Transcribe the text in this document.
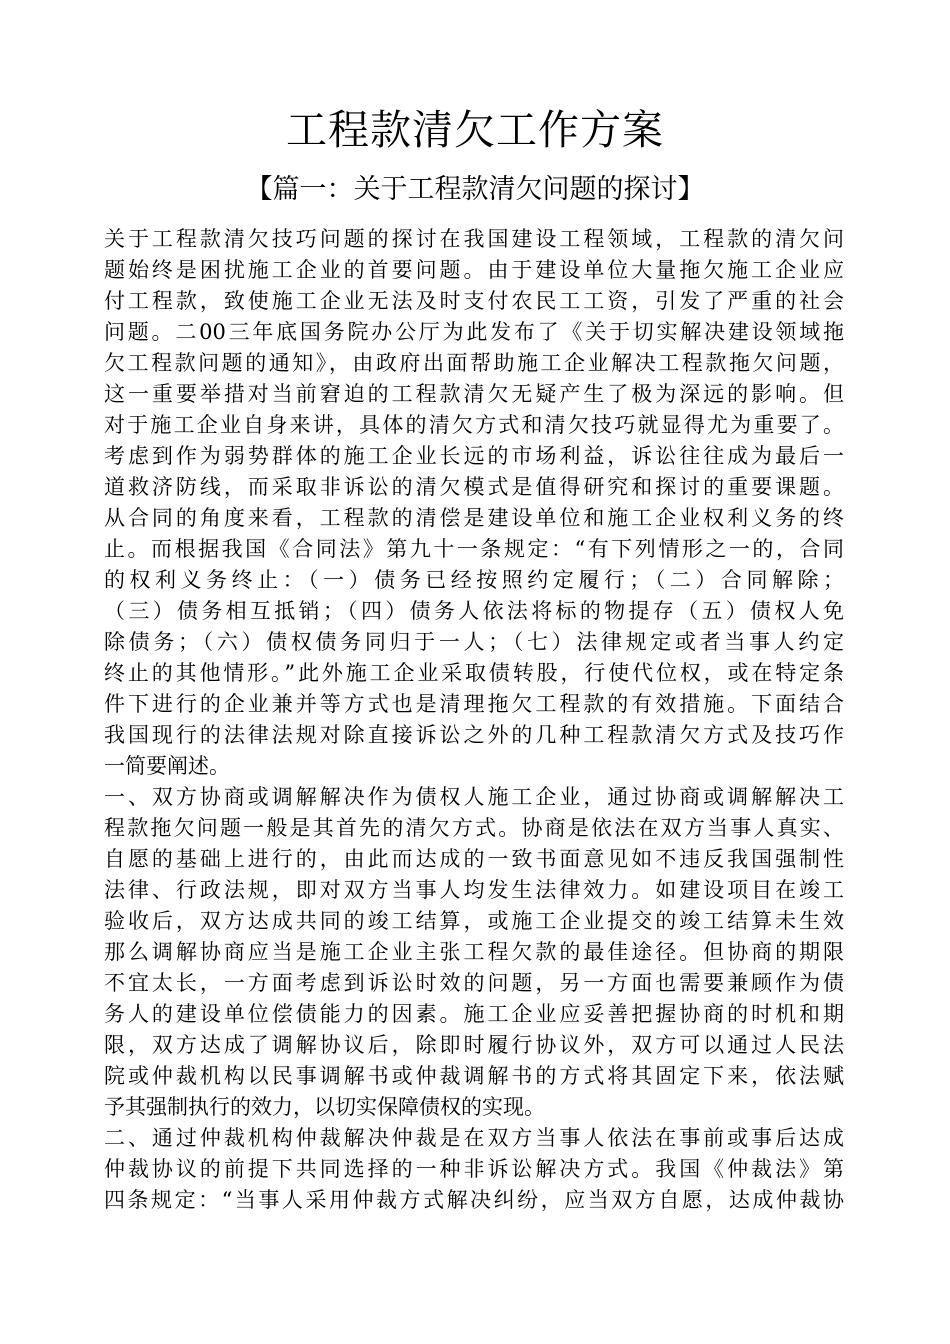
工程款清欠工作方案
【篇一：关于工程款清欠问题的探讨】
关于工程款清欠技巧问题的探讨在我国建设工程领域，工程款的清欠问
题始终是困扰施工企业的首要问题。由于建设单位大量拖欠施工企业应
付工程款，致使施工企业无法及时支付农民工工资，引发了严重的社会
问题。二00三年底国务院办公厅为此发布了《关于切实解决建设领域拖
欠工程款问题的通知》，由政府出面帮助施工企业解决工程款拖欠问题，
这一重要举措对当前窘迫的工程款清欠无疑产生了极为深远的影响。但
对于施工企业自身来讲，具体的清欠方式和清欠技巧就显得尤为重要了。
考虑到作为弱势群体的施工企业长远的市场利益，诉讼往往成为最后一
道救济防线，而采取非诉讼的清欠模式是值得研究和探讨的重要课题。
从合同的角度来看，工程款的清偿是建设单位和施工企业权利义务的终
止。而根据我国《合同法》第九十一条规定：“有下列情形之一的，合同
的权利义务终止：（一）债务已经按照约定履行；（二）合同解除；
（三）债务相互抵销；（四）债务人依法将标的物提存（五）债权人免
除债务；（六）债权债务同归于一人；（七）法律规定或者当事人约定
终止的其他情形。”此外施工企业采取债转股，行使代位权，或在特定条
件下进行的企业兼并等方式也是清理拖欠工程款的有效措施。下面结合
我国现行的法律法规对除直接诉讼之外的几种工程款清欠方式及技巧作
一简要阐述。
一、双方协商或调解解决作为债权人施工企业，通过协商或调解解决工
程款拖欠问题一般是其首先的清欠方式。协商是依法在双方当事人真实、
自愿的基础上进行的，由此而达成的一致书面意见如不违反我国强制性
法律、行政法规，即对双方当事人均发生法律效力。如建设项目在竣工
验收后，双方达成共同的竣工结算，或施工企业提交的竣工结算未生效
那么调解协商应当是施工企业主张工程欠款的最佳途径。但协商的期限
不宜太长，一方面考虑到诉讼时效的问题，另一方面也需要兼顾作为债
务人的建设单位偿债能力的因素。施工企业应妥善把握协商的时机和期
限，双方达成了调解协议后，除即时履行协议外，双方可以通过人民法
院或仲裁机构以民事调解书或仲裁调解书的方式将其固定下来，依法赋
予其强制执行的效力，以切实保障债权的实现。
二、通过仲裁机构仲裁解决仲裁是在双方当事人依法在事前或事后达成
仲裁协议的前提下共同选择的一种非诉讼解决方式。我国《仲裁法》第
四条规定：“当事人采用仲裁方式解决纠纷，应当双方自愿，达成仲裁协
